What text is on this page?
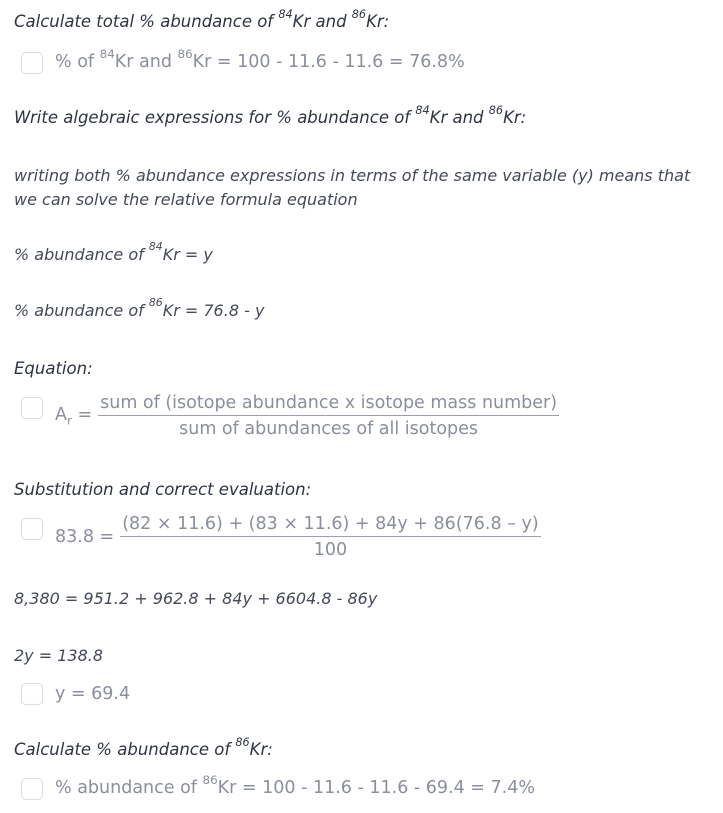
Calculate total % abundance of $^{84}$Kr and $^{86}$Kr:
% of $^{84}$Kr and $^{86}$Kr = 100 - 11.6 - 11.6 = 76.8%
Write algebraic expressions for % abundance of $^{84}$Kr and $^{86}$Kr:
writing both % abundance expressions in terms of the same variable (y) means that we can solve the relative formula equation
% abundance of $^{84}$Kr = y
% abundance of $^{86}$Kr = 76.8 - y
Equation:
$A_r = \frac{\text{sum of (isotope abundance x isotope mass number)}}{\text{sum of abundances of all isotopes}}$
Substitution and correct evaluation:
$83.8 = \frac{(82 \times 11.6) + (83 \times 11.6) + 84y + 86(76.8 - y)}{100}$
8,380 = 951.2 + 962.8 + 84y + 6604.8 - 86y
2y = 138.8
y = 69.4
Calculate % abundance of $^{86}$Kr:
% abundance of $^{86}$Kr = 100 - 11.6 - 11.6 - 69.4 = 7.4%
